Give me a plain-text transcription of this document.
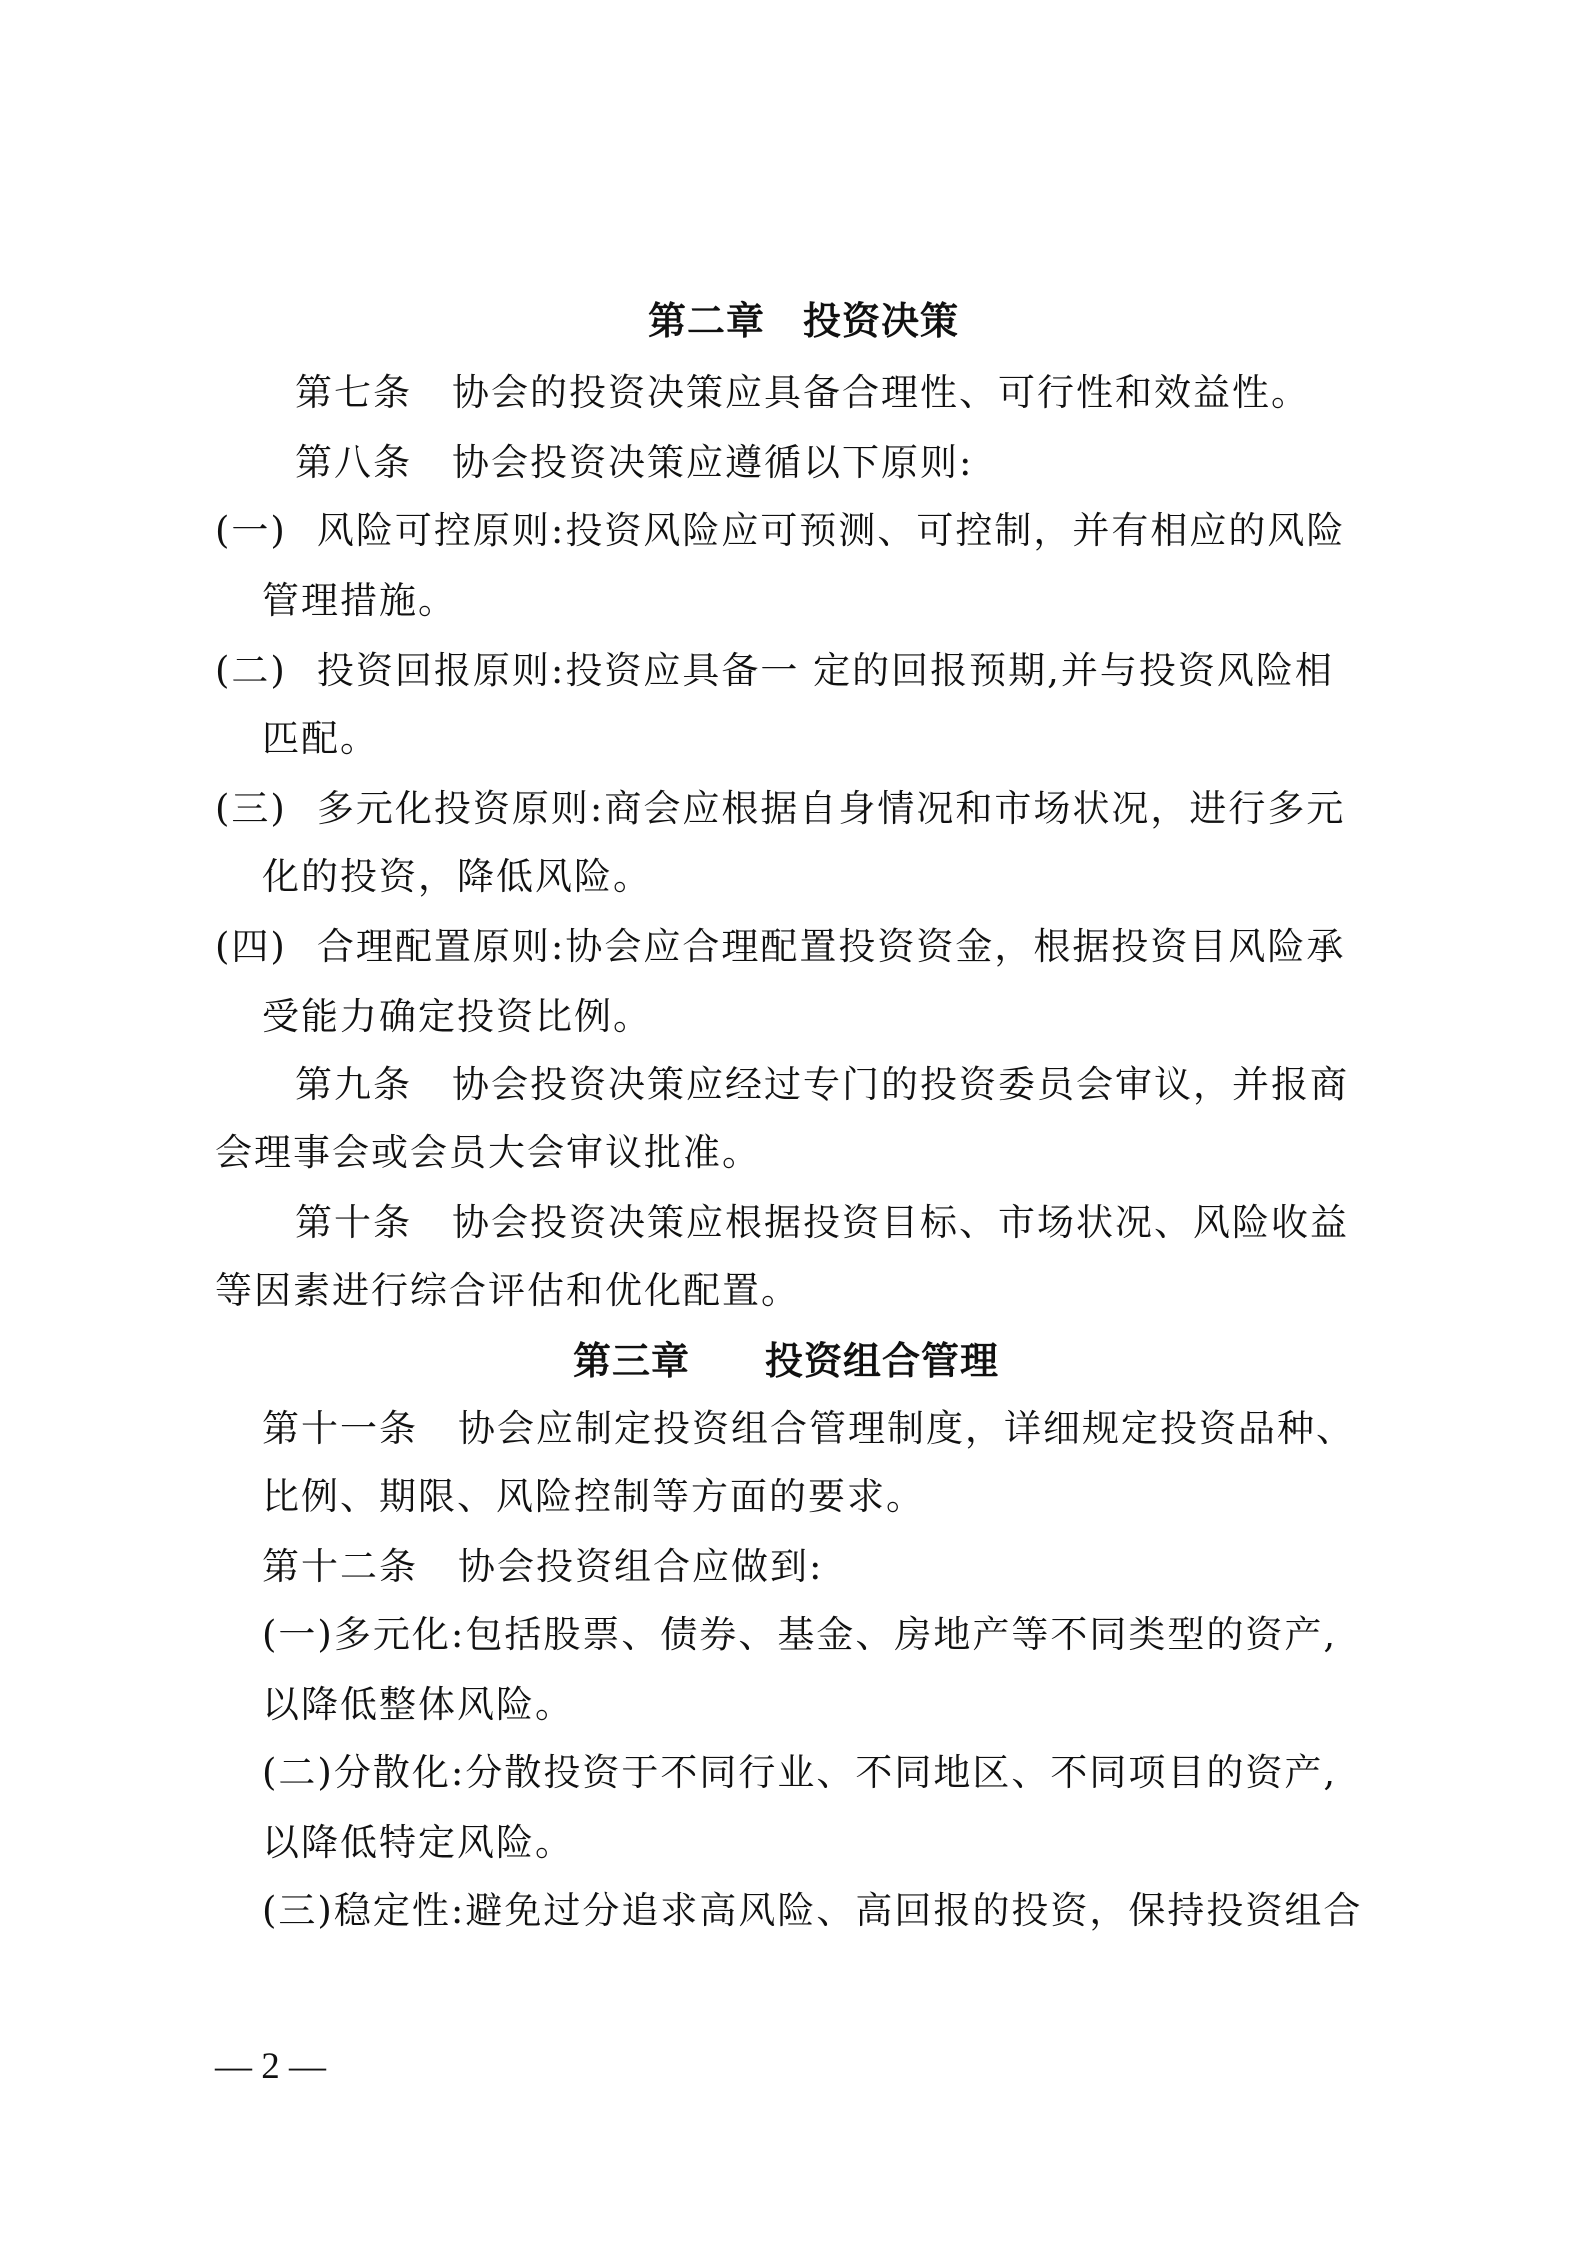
第二章 投资决策
第七条 协会的投资决策应具备合理性、可行性和效益性。
第八条 协会投资决策应遵循以下原则:
(一) 风险可控原则:投资风险应可预测、可控制，并有相应的风险
管理措施。
(二) 投资回报原则:投资应具备一 定的回报预期,并与投资风险相
匹配。
(三) 多元化投资原则:商会应根据自身情况和市场状况，进行多元
化的投资，降低风险。
(四) 合理配置原则:协会应合理配置投资资金，根据投资目风险承
受能力确定投资比例。
第九条 协会投资决策应经过专门的投资委员会审议，并报商
会理事会或会员大会审议批准。
第十条 协会投资决策应根据投资目标、市场状况、风险收益
等因素进行综合评估和优化配置。
第三章 投资组合管理
第十一条 协会应制定投资组合管理制度，详细规定投资品种、
比例、期限、风险控制等方面的要求。
第十二条 协会投资组合应做到:
(一)多元化:包括股票、债券、基金、房地产等不同类型的资产,
以降低整体风险。
(二)分散化:分散投资于不同行业、不同地区、不同项目的资产,
以降低特定风险。
(三)稳定性:避免过分追求高风险、高回报的投资，保持投资组合
— 2 —
